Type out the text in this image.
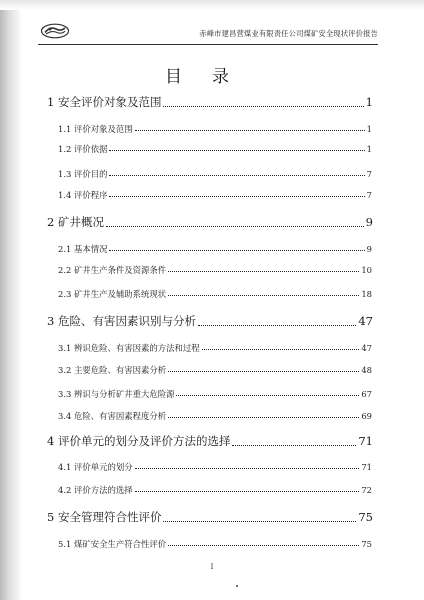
赤峰市建昌营煤业有限责任公司煤矿安全现状评价报告
目录
1 安全评价对象及范围	1
1.1 评价对象及范围	1
1.2 评价依据	1
1.3 评价目的	7
1.4 评价程序	7
2 矿井概况	9
2.1 基本情况	9
2.2 矿井生产条件及资源条件	10
2.3 矿井生产及辅助系统现状	18
3 危险、有害因素识别与分析	47
3.1 辨识危险、有害因素的方法和过程	47
3.2 主要危险、有害因素分析	48
3.3 辨识与分析矿井重大危险源	67
3.4 危险、有害因素程度分析	69
4 评价单元的划分及评价方法的选择	71
4.1 评价单元的划分	71
4.2 评价方法的选择	72
5 安全管理符合性评价	75
5.1 煤矿安全生产符合性评价	75
I
